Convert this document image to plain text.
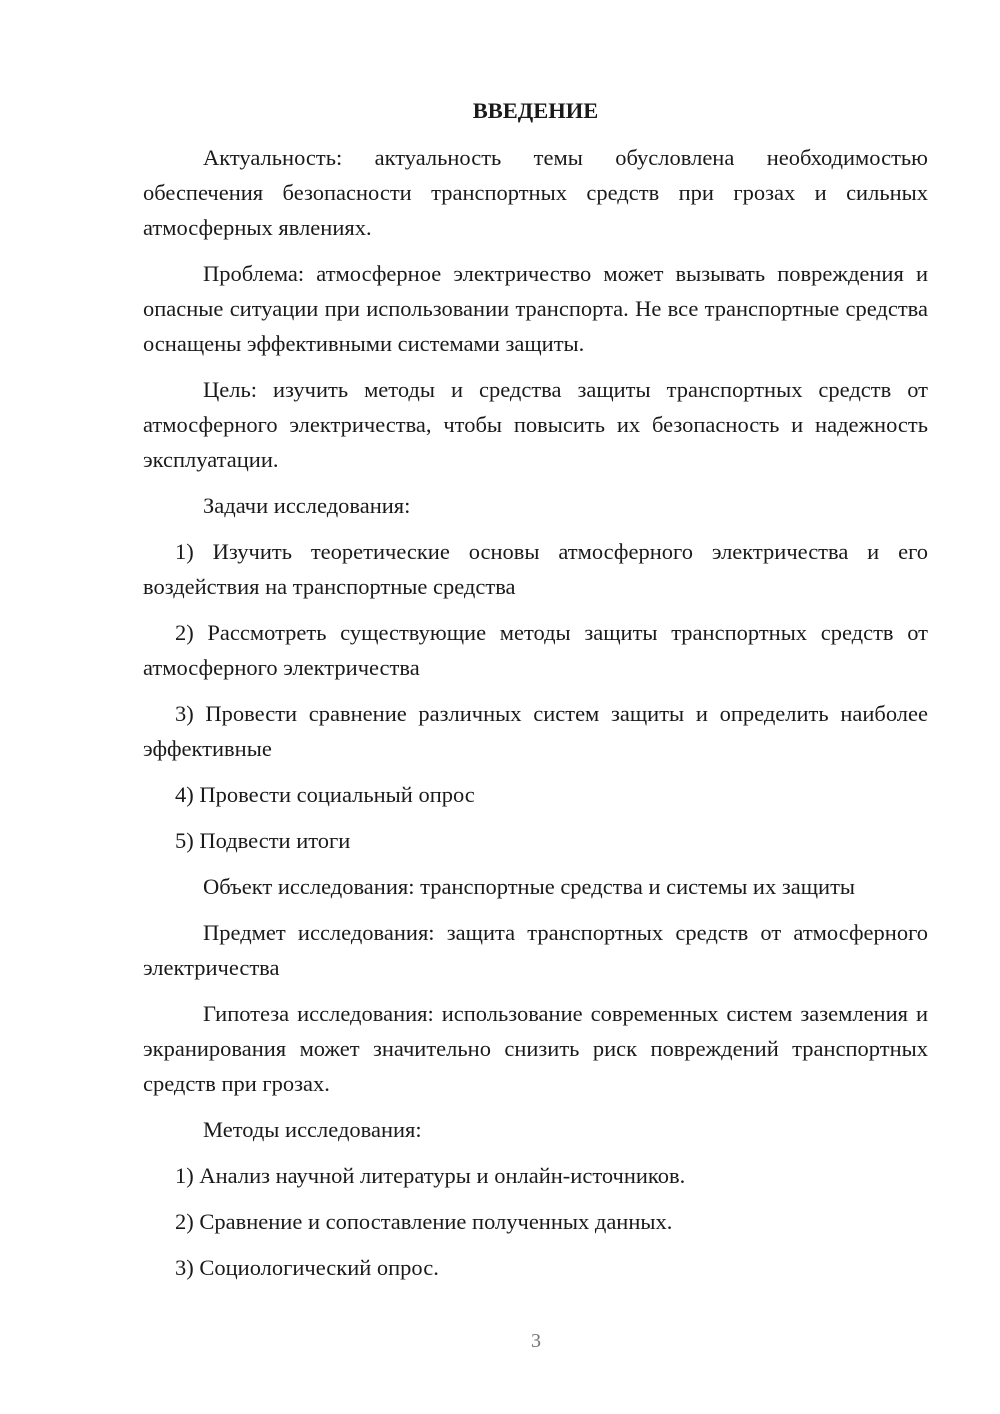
ВВЕДЕНИЕ

Актуальность: актуальность темы обусловлена необходимостью обеспечения безопасности транспортных средств при грозах и сильных атмосферных явлениях.

Проблема: атмосферное электричество может вызывать повреждения и опасные ситуации при использовании транспорта. Не все транспортные средства оснащены эффективными системами защиты.

Цель: изучить методы и средства защиты транспортных средств от атмосферного электричества, чтобы повысить их безопасность и надежность эксплуатации.

Задачи исследования:

1) Изучить теоретические основы атмосферного электричества и его воздействия на транспортные средства

2) Рассмотреть существующие методы защиты транспортных средств от атмосферного электричества

3) Провести сравнение различных систем защиты и определить наиболее эффективные

4) Провести социальный опрос

5) Подвести итоги

Объект исследования: транспортные средства и системы их защиты

Предмет исследования: защита транспортных средств от атмосферного электричества

Гипотеза исследования: использование современных систем заземления и экранирования может значительно снизить риск повреждений транспортных средств при грозах.

Методы исследования:

1) Анализ научной литературы и онлайн-источников.

2) Сравнение и сопоставление полученных данных.

3) Социологический опрос.

3
